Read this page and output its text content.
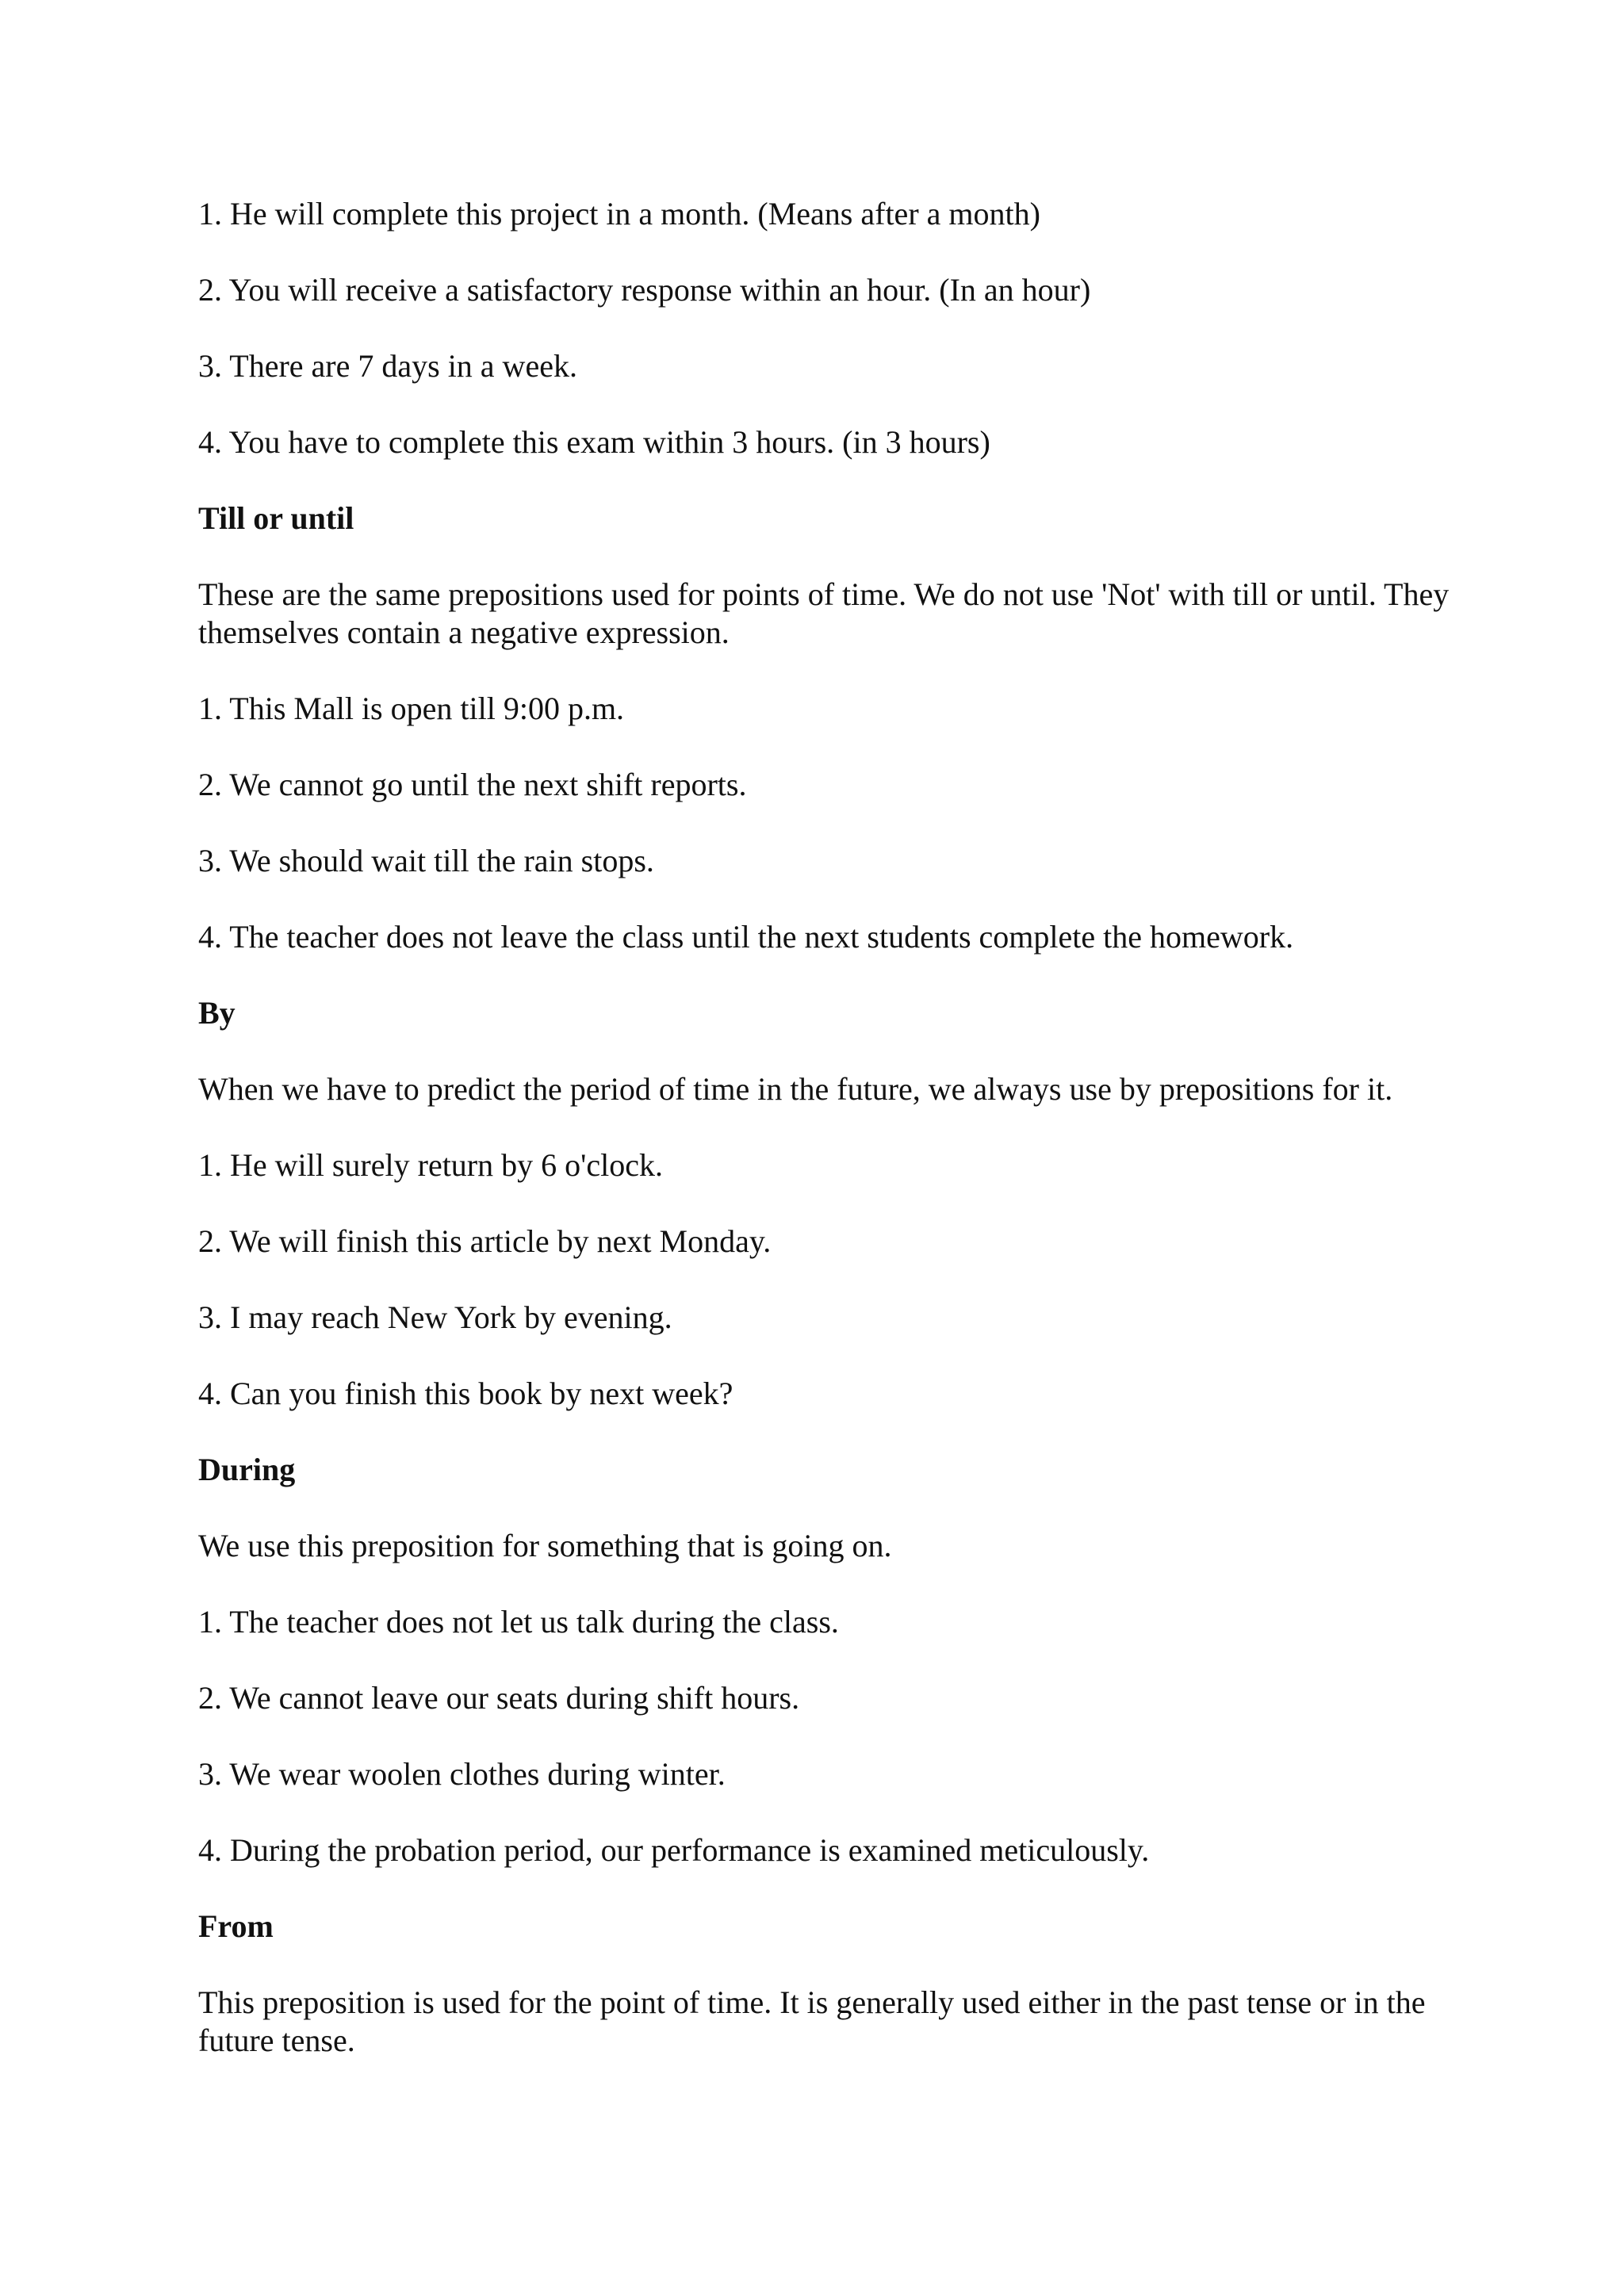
1. He will complete this project in a month. (Means after a month)

2. You will receive a satisfactory response within an hour. (In an hour)

3. There are 7 days in a week.

4. You have to complete this exam within 3 hours. (in 3 hours)

Till or until

These are the same prepositions used for points of time. We do not use 'Not' with till or until. They themselves contain a negative expression.

1. This Mall is open till 9:00 p.m.

2. We cannot go until the next shift reports.

3. We should wait till the rain stops.

4. The teacher does not leave the class until the next students complete the homework.

By

When we have to predict the period of time in the future, we always use by prepositions for it.

1. He will surely return by 6 o'clock.

2. We will finish this article by next Monday.

3. I may reach New York by evening.

4. Can you finish this book by next week?

During

We use this preposition for something that is going on.

1. The teacher does not let us talk during the class.

2. We cannot leave our seats during shift hours.

3. We wear woolen clothes during winter.

4. During the probation period, our performance is examined meticulously.

From

This preposition is used for the point of time. It is generally used either in the past tense or in the future tense.
